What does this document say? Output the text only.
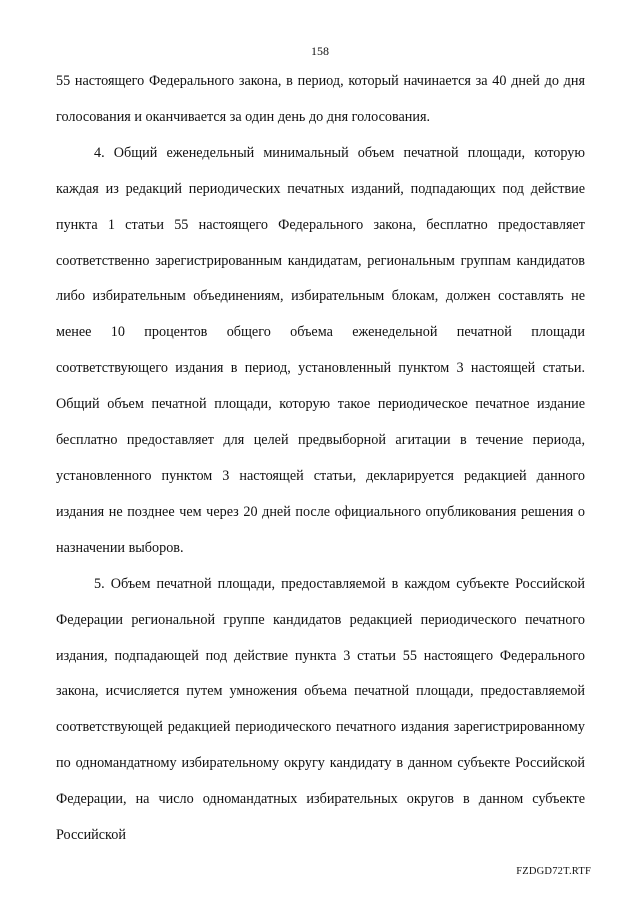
158

55 настоящего Федерального закона, в период, который начинается за 40 дней до дня голосования и оканчивается за один день до дня голосования.

4. Общий еженедельный минимальный объем печатной площади, которую каждая из редакций периодических печатных изданий, подпадающих под действие пункта 1 статьи 55 настоящего Федерального закона, бесплатно предоставляет соответственно зарегистрированным кандидатам, региональным группам кандидатов либо избирательным объединениям, избирательным блокам, должен составлять не менее 10 процентов общего объема еженедельной печатной площади соответствующего издания в период, установленный пунктом 3 настоящей статьи. Общий объем печатной площади, которую такое периодическое печатное издание бесплатно предоставляет для целей предвыборной агитации в течение периода, установленного пунктом 3 настоящей статьи, декларируется редакцией данного издания не позднее чем через 20 дней после официального опубликования решения о назначении выборов.

5. Объем печатной площади, предоставляемой в каждом субъекте Российской Федерации региональной группе кандидатов редакцией периодического печатного издания, подпадающей под действие пункта 3 статьи 55 настоящего Федерального закона, исчисляется путем умножения объема печатной площади, предоставляемой соответствующей редакцией периодического печатного издания зарегистрированному по одномандатному избирательному округу кандидату в данном субъекте Российской Федерации, на число одномандатных избирательных округов в данном субъекте Российской

FZDGD72T.RTF
